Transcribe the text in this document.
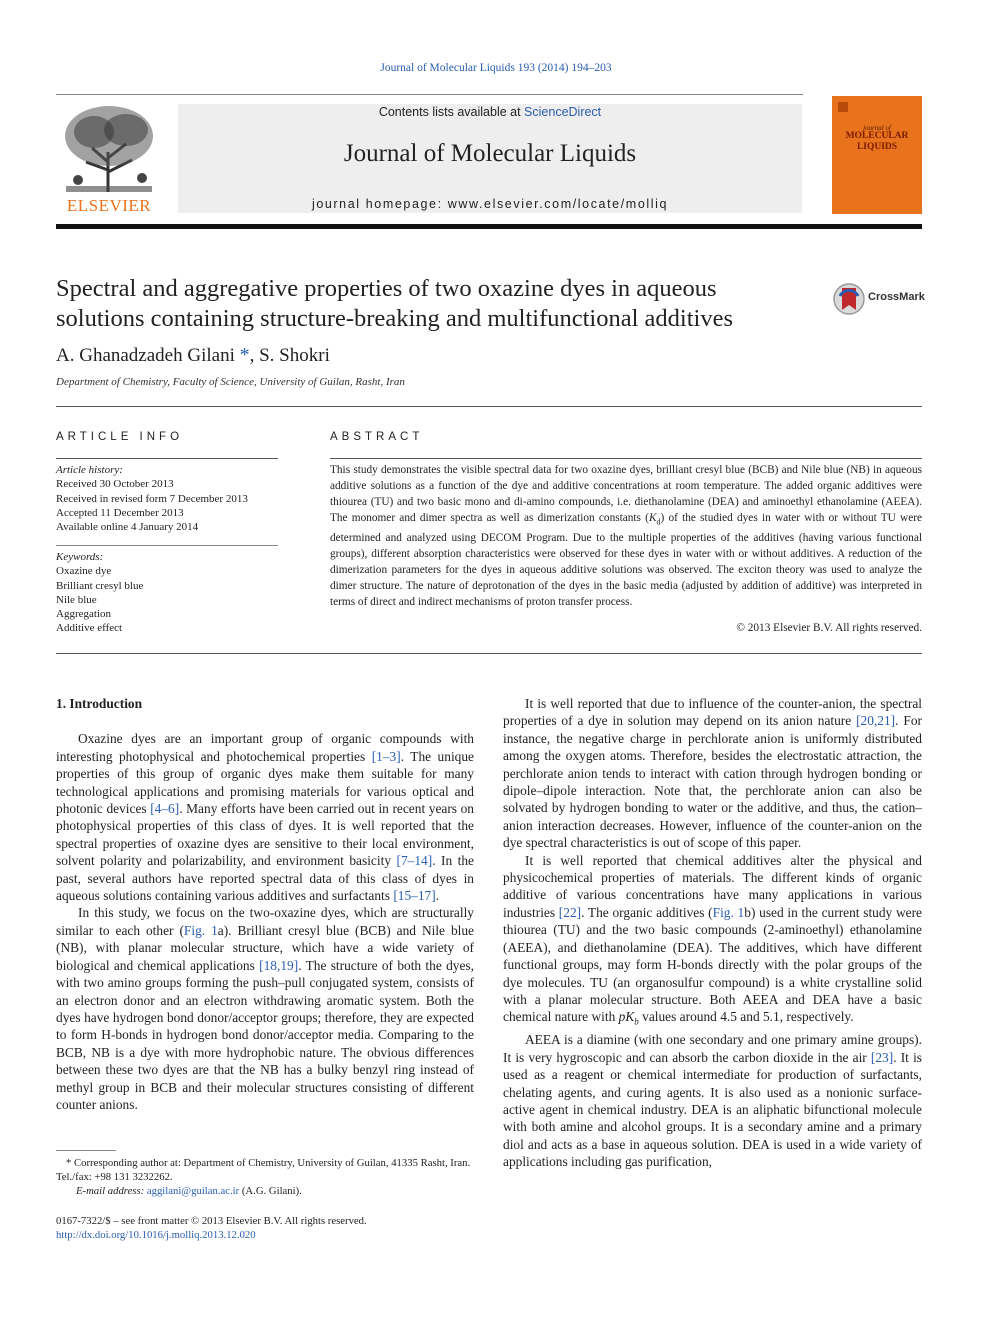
Journal of Molecular Liquids 193 (2014) 194–203
ELSEVIER
Contents lists available at ScienceDirect
Journal of Molecular Liquids
journal homepage: www.elsevier.com/locate/molliq
journal of
MOLECULAR
LIQUIDS
Spectral and aggregative properties of two oxazine dyes in aqueous
solutions containing structure-breaking and multifunctional additives
CrossMark
A. Ghanadzadeh Gilani *, S. Shokri
Department of Chemistry, Faculty of Science, University of Guilan, Rasht, Iran
ARTICLE INFO
Article history:
Received 30 October 2013
Received in revised form 7 December 2013
Accepted 11 December 2013
Available online 4 January 2014
Keywords:
Oxazine dye
Brilliant cresyl blue
Nile blue
Aggregation
Additive effect
ABSTRACT
This study demonstrates the visible spectral data for two oxazine dyes, brilliant cresyl blue (BCB) and Nile blue (NB) in aqueous additive solutions as a function of the dye and additive concentrations at room temperature. The added organic additives were thiourea (TU) and two basic mono and di-amino compounds, i.e. diethanolamine (DEA) and aminoethyl ethanolamine (AEEA). The monomer and dimer spectra as well as dimerization constants $(K_d)$ of the studied dyes in water with or without TU were determined and analyzed using DECOM Program. Due to the multiple properties of the additives (having various functional groups), different absorption characteristics were observed for these dyes in water with or without additives. A reduction of the dimerization parameters for the dyes in aqueous additive solutions was observed. The exciton theory was used to analyze the dimer structure. The nature of deprotonation of the dyes in the basic media (adjusted by addition of additive) was interpreted in terms of direct and indirect mechanisms of proton transfer process.
© 2013 Elsevier B.V. All rights reserved.

1. Introduction

Oxazine dyes are an important group of organic compounds with interesting photophysical and photochemical properties [1–3]. The unique properties of this group of organic dyes make them suitable for many technological applications and promising materials for various optical and photonic devices [4–6]. Many efforts have been carried out in recent years on photophysical properties of this class of dyes. It is well reported that the spectral properties of oxazine dyes are sensitive to their local environment, solvent polarity and polarizability, and environment basicity [7–14]. In the past, several authors have reported spectral data of this class of dyes in aqueous solutions containing various additives and surfactants [15–17].

In this study, we focus on the two-oxazine dyes, which are structurally similar to each other (Fig. 1a). Brilliant cresyl blue (BCB) and Nile blue (NB), with planar molecular structure, which have a wide variety of biological and chemical applications [18,19]. The structure of both the dyes, with two amino groups forming the push–pull conjugated system, consists of an electron donor and an electron withdrawing aromatic system. Both the dyes have hydrogen bond donor/acceptor groups; therefore, they are expected to form H-bonds in hydrogen bond donor/acceptor media. Comparing to the BCB, NB is a dye with more hydrophobic nature. The obvious differences between these two dyes are that the NB has a bulky benzyl ring instead of methyl group in BCB and their molecular structures consisting of different counter anions.

* Corresponding author at: Department of Chemistry, University of Guilan, 41335 Rasht, Iran. Tel./fax: +98 131 3232262.
E-mail address: aggilani@guilan.ac.ir (A.G. Gilani).
0167-7322/$ – see front matter © 2013 Elsevier B.V. All rights reserved.
http://dx.doi.org/10.1016/j.molliq.2013.12.020

It is well reported that due to influence of the counter-anion, the spectral properties of a dye in solution may depend on its anion nature [20,21]. For instance, the negative charge in perchlorate anion is uniformly distributed among the oxygen atoms. Therefore, besides the electrostatic attraction, the perchlorate anion tends to interact with cation through hydrogen bonding or dipole–dipole interaction. Note that, the perchlorate anion can also be solvated by hydrogen bonding to water or the additive, and thus, the cation–anion interaction decreases. However, influence of the counter-anion on the dye spectral characteristics is out of scope of this paper.

It is well reported that chemical additives alter the physical and physicochemical properties of materials. The different kinds of organic additive of various concentrations have many applications in various industries [22]. The organic additives (Fig. 1b) used in the current study were thiourea (TU) and the two basic compounds (2-aminoethyl) ethanolamine (AEEA), and diethanolamine (DEA). The additives, which have different functional groups, may form H-bonds directly with the polar groups of the dye molecules. TU (an organosulfur compound) is a white crystalline solid with a planar molecular structure. Both AEEA and DEA have a basic chemical nature with $pK_b$ values around 4.5 and 5.1, respectively.

AEEA is a diamine (with one secondary and one primary amine groups). It is very hygroscopic and can absorb the carbon dioxide in the air [23]. It is used as a reagent or chemical intermediate for production of surfactants, chelating agents, and curing agents. It is also used as a nonionic surface-active agent in chemical industry. DEA is an aliphatic bifunctional molecule with both amine and alcohol groups. It is a secondary amine and a primary diol and acts as a base in aqueous solution. DEA is used in a wide variety of applications including gas purification,
